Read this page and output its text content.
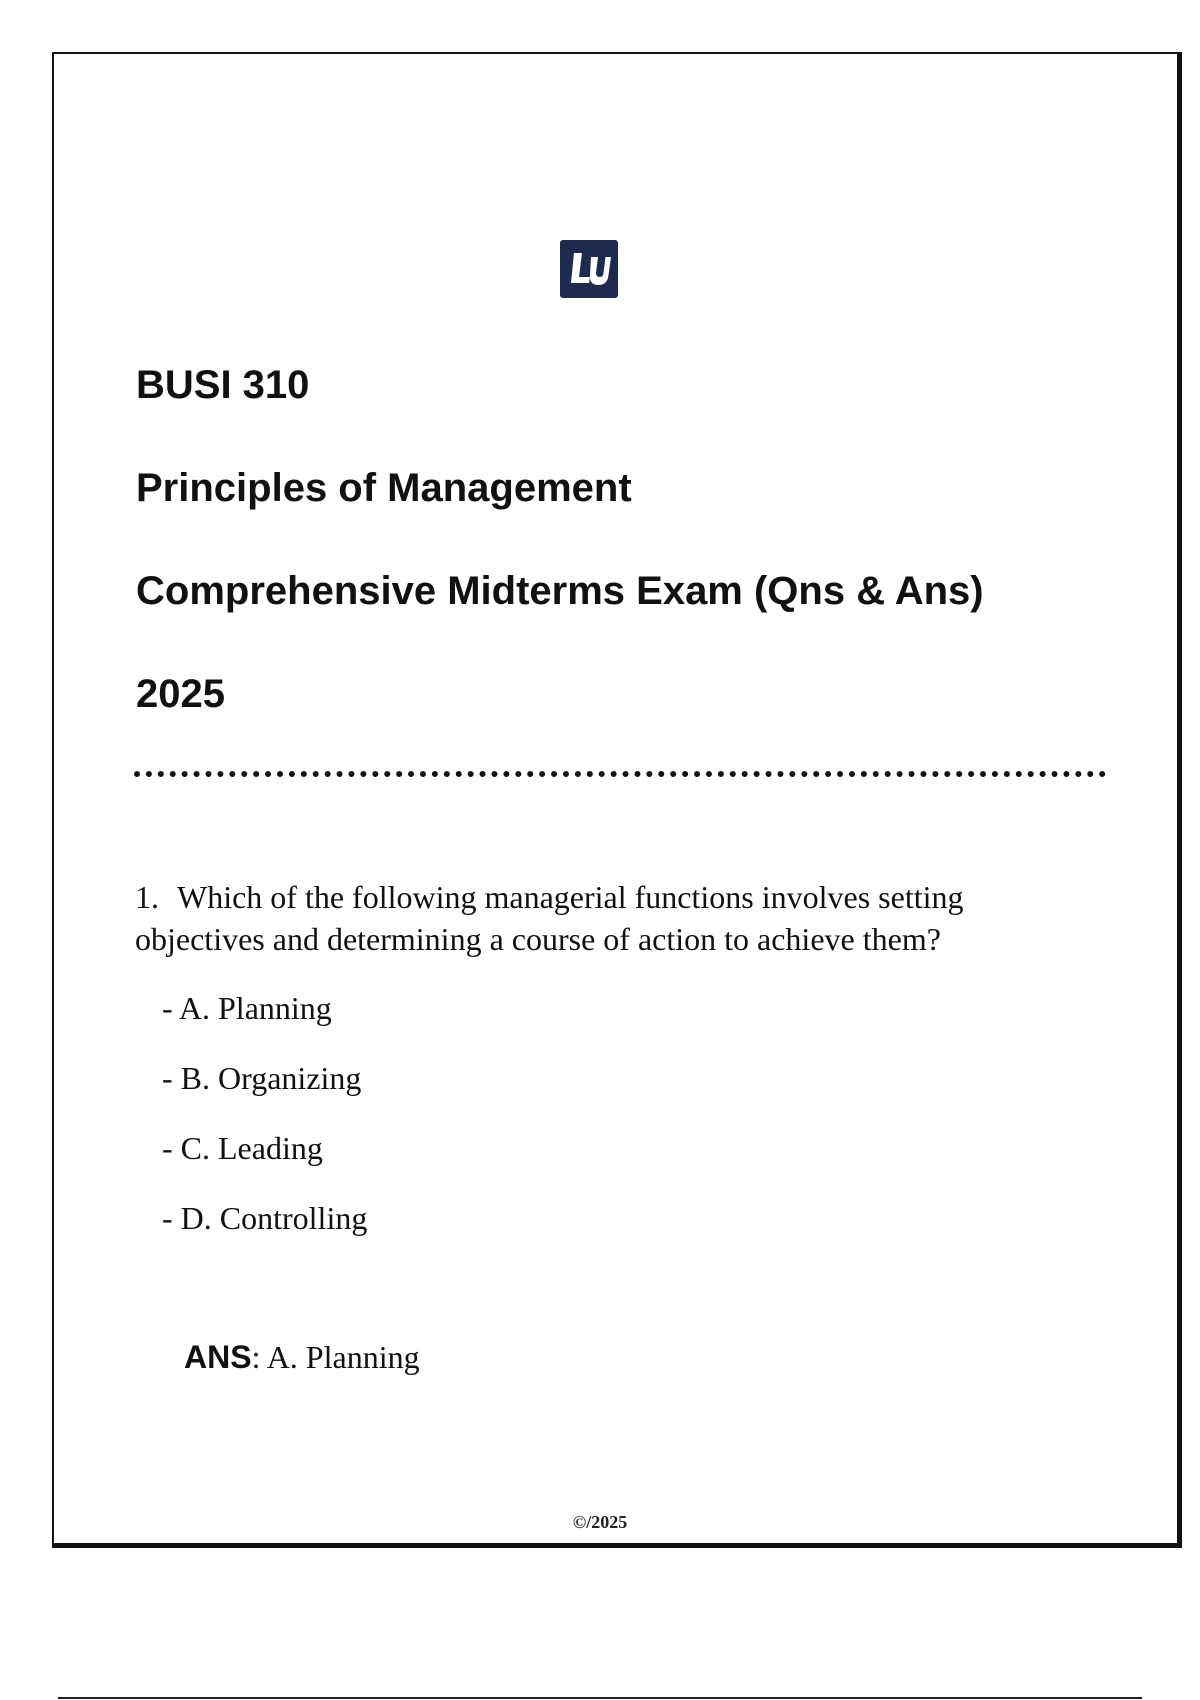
BUSI 310
Principles of Management
Comprehensive Midterms Exam (Qns & Ans)
2025
1. Which of the following managerial functions involves setting objectives and determining a course of action to achieve them?
- A. Planning
- B. Organizing
- C. Leading
- D. Controlling
ANS: A. Planning
©/2025
